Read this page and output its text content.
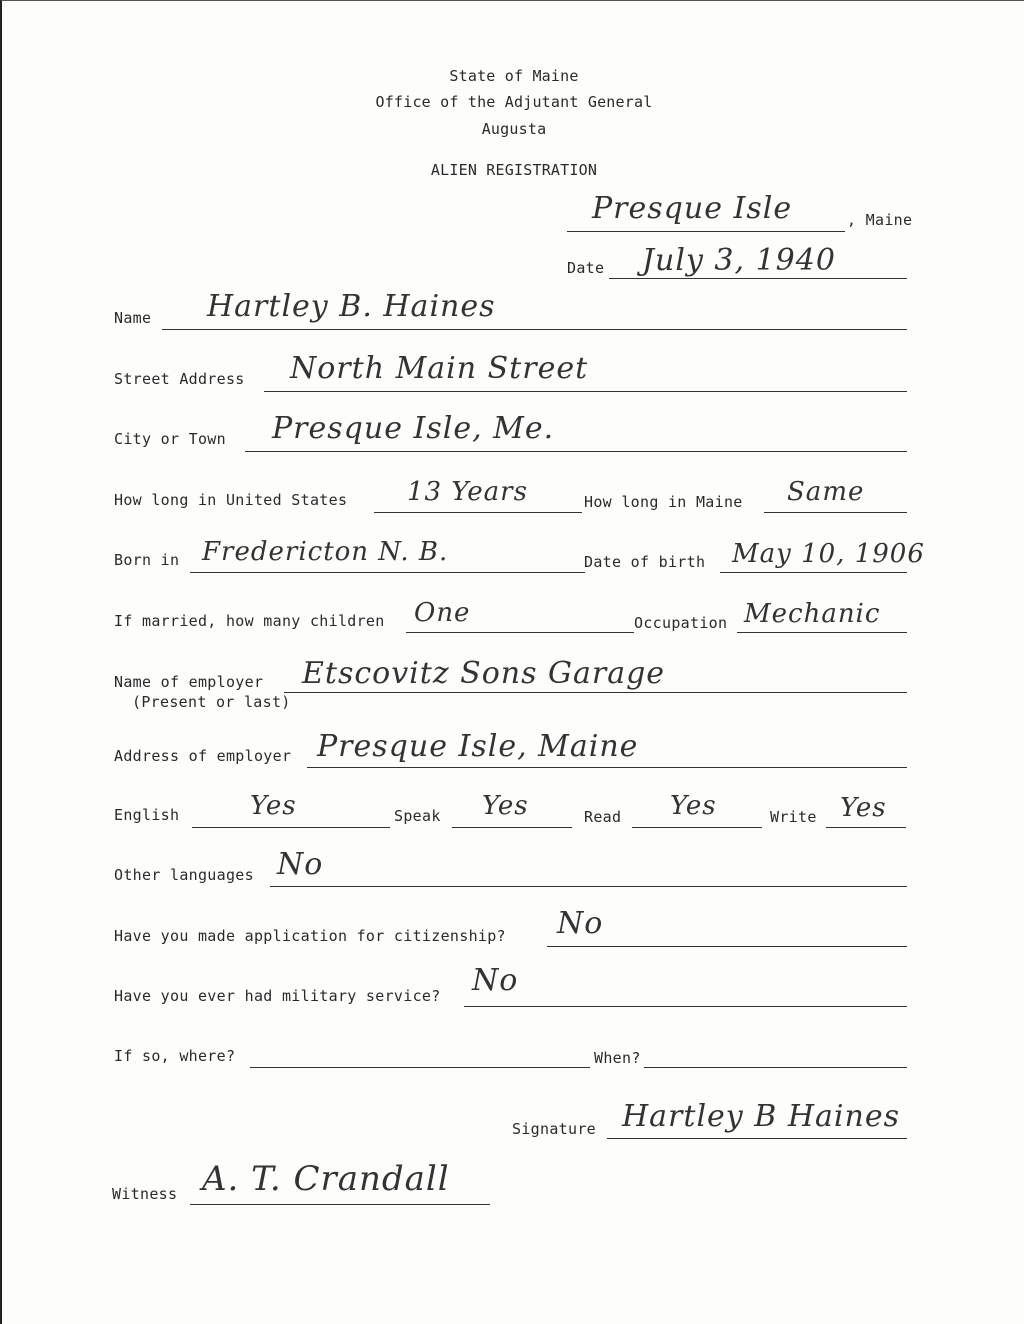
State of Maine
Office of the Adjutant General
Augusta
ALIEN REGISTRATION
Presque Isle	, Maine
Date July 3, 1940
Name Hartley B. Haines
Street Address North Main Street
City or Town Presque Isle, Me.
How long in United States 13 Years	How long in Maine Same
Born in Fredericton N. B.	Date of birth May 10, 1906
If married, how many children One	Occupation Mechanic
Name of employer
(Present or last)
Etscovitz Sons Garage
Address of employer Presque Isle, Maine
English	Yes	Speak Yes	Read Yes	Write Yes
Other languages No
Have you made application for citizenship? No
Have you ever had military service? No
If so, where?	When?
Signature Hartley B Haines
Witness A. T. Crandall
